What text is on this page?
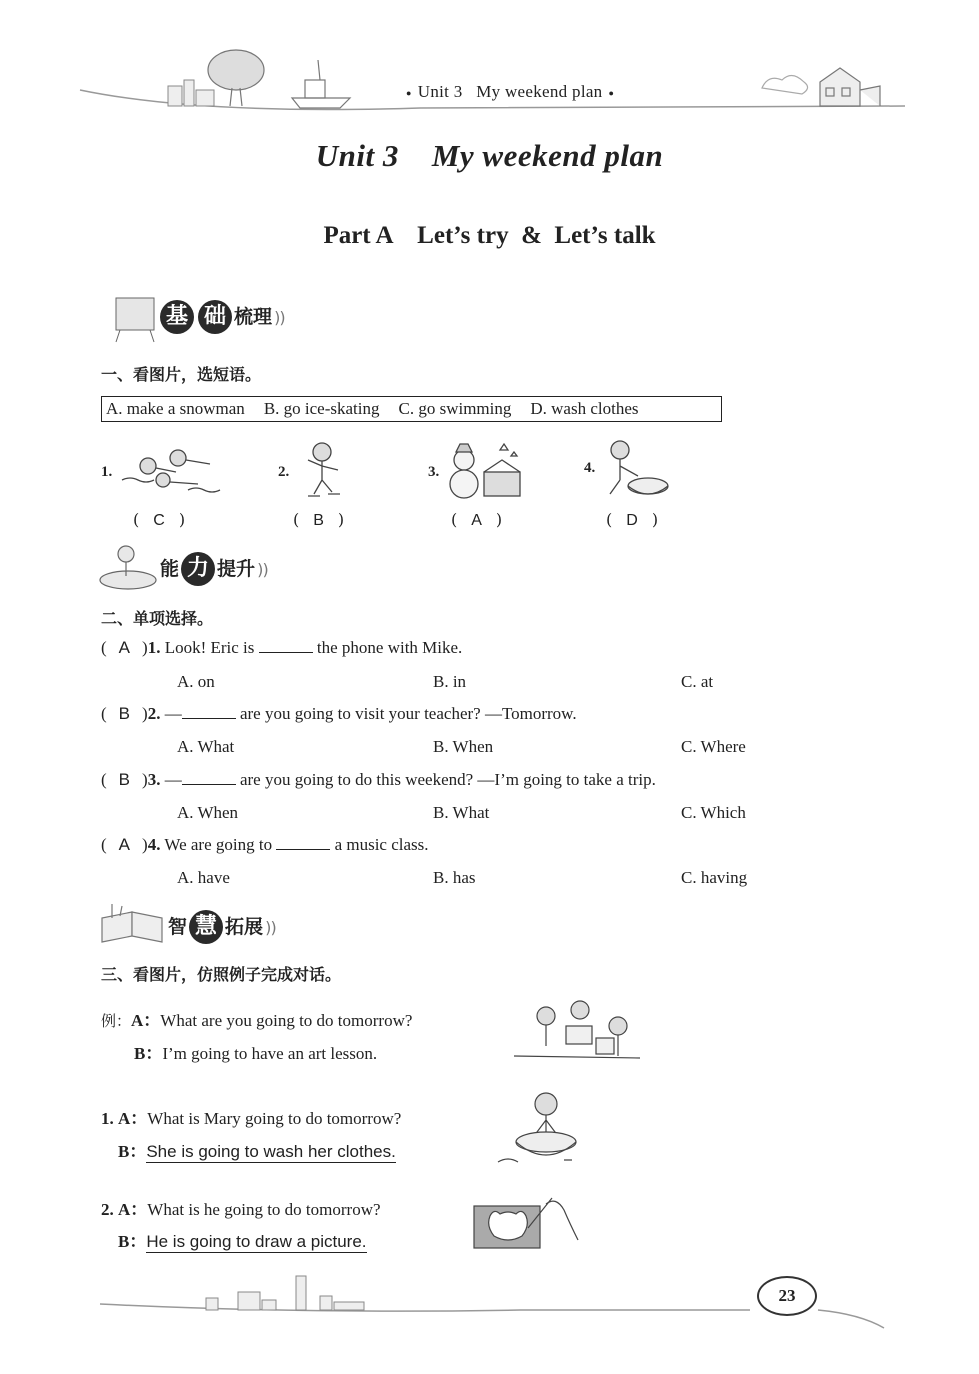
● Unit 3 My weekend plan ●
Unit 3    My weekend plan
Part A    Let’s try  &  Let’s talk
基 础 梳理 ) )
一、看图片，选短语。
A. make a snowman B. go ice-skating C. go swimming D. wash clothes
1.
( C )
2.
( B )
3.
( A )
4.
( D )
能 力 提升 ) )
二、单项选择。
( A )1. Look! Eric is	the phone with Mike.
A. on	B. in	C. at
( B )2. —	are you going to visit your teacher? —Tomorrow.
A. What	B. When	C. Where
( B )3. —	are you going to do this weekend? —I’m going to take a trip.
A. When	B. What	C. Which
( A )4. We are going to	a music class.
A. have	B. has	C. having
智 慧 拓展 ) )
三、看图片，仿照例子完成对话。
例：A：What are you going to do tomorrow?
B：I’m going to have an art lesson.
1. A：What is Mary going to do tomorrow?
B：She is going to wash her clothes.
2. A：What is he going to do tomorrow?
B：He is going to draw a picture.
23
